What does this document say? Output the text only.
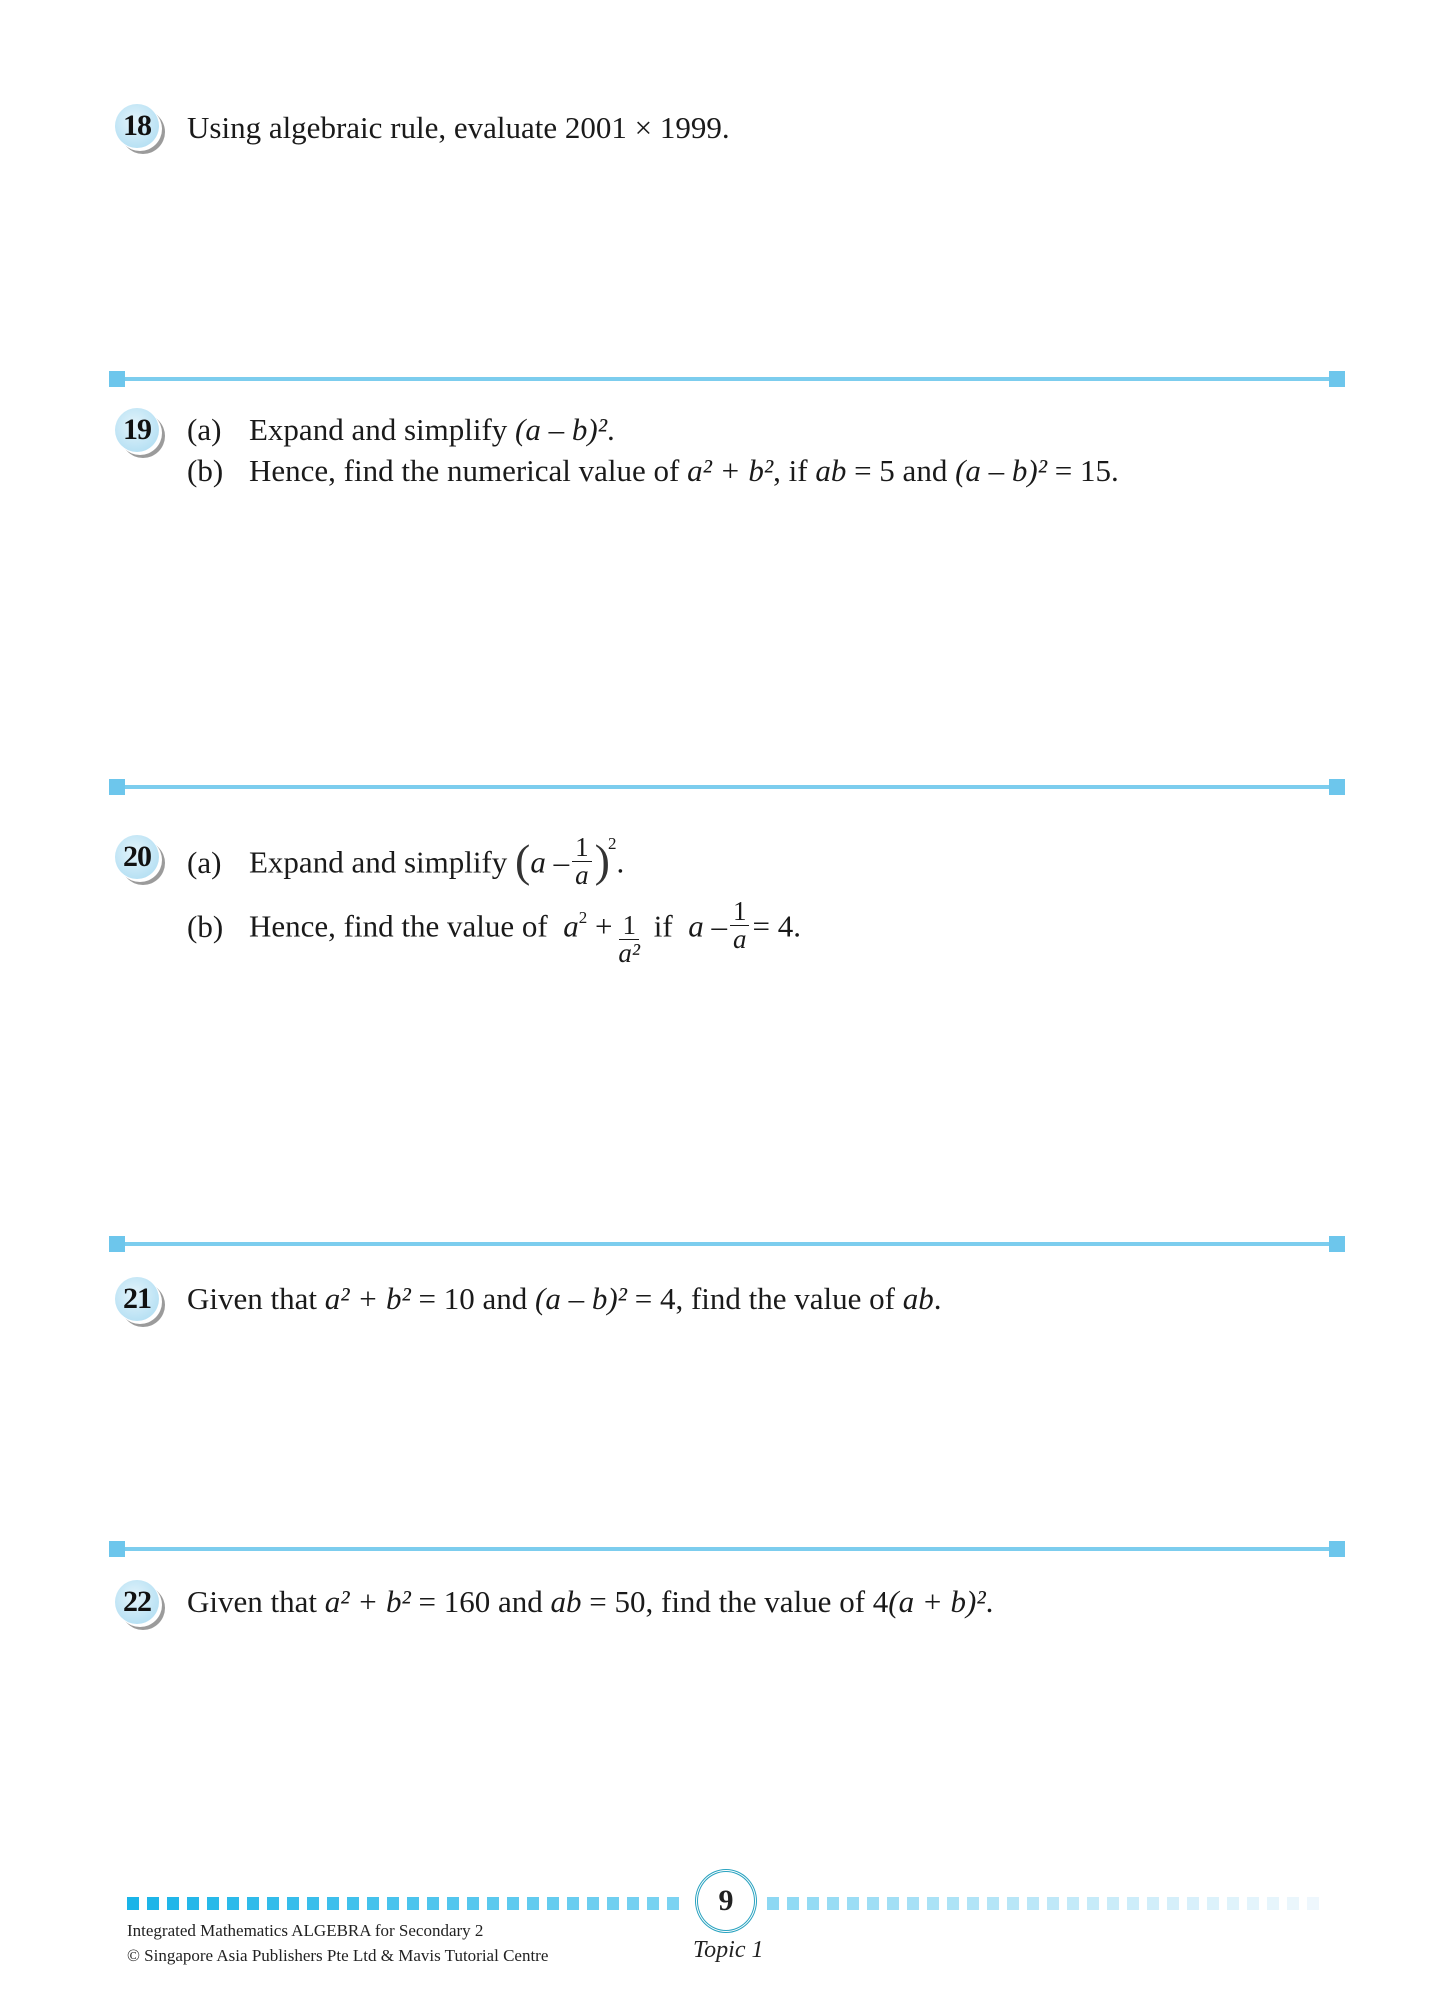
18 Using algebraic rule, evaluate 2001 × 1999.
19 (a) Expand and simplify (a – b)².
(b) Hence, find the numerical value of a² + b², if ab = 5 and (a – b)² = 15.
20 (a) Expand and simplify $(a - \frac{1}{a} )^2$.
(b) Hence, find the value of $a^2 + \frac{1}{\text{a²}}$ if $a - \frac{1}{a} = 4$.
21 Given that a² + b² = 10 and (a – b)² = 4, find the value of ab.
22 Given that a² + b² = 160 and ab = 50, find the value of 4(a + b)².
9
Integrated Mathematics ALGEBRA for Secondary 2
© Singapore Asia Publishers Pte Ltd & Mavis Tutorial Centre	Topic 1
